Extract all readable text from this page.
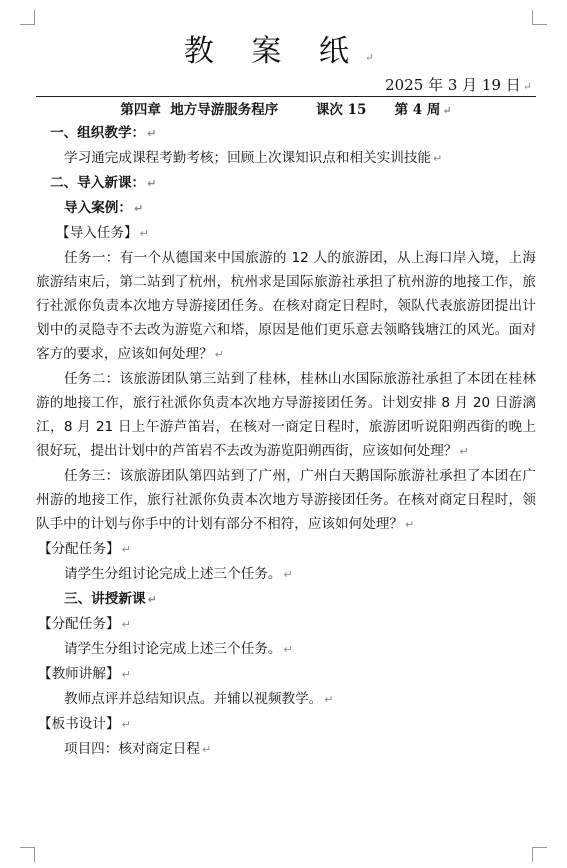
教 案 纸 ↵
2025 年 3 月 19 日 ↵
第四章  地方导游服务程序        课次 15      第 4 周 ↵
一、组织教学： ↵
学习通完成课程考勤考核；回顾上次课知识点和相关实训技能 ↵
二、导入新课： ↵
导入案例： ↵
【导入任务】 ↵
任务一：有一个从德国来中国旅游的 12 人的旅游团，从上海口岸入境，上海旅游结束后，第二站到了杭州，杭州求是国际旅游社承担了杭州游的地接工作，旅行社派你负责本次地方导游接团任务。在核对商定日程时，领队代表旅游团提出计划中的灵隐寺不去改为游览六和塔，原因是他们更乐意去领略钱塘江的风光。面对客方的要求，应该如何处理？ ↵
任务二：该旅游团队第三站到了桂林，桂林山水国际旅游社承担了本团在桂林游的地接工作，旅行社派你负责本次地方导游接团任务。计划安排 8 月 20 日游漓江，8 月 21 日上午游芦笛岩，在核对一商定日程时，旅游团听说阳朔西街的晚上很好玩，提出计划中的芦笛岩不去改为游览阳朔西街，应该如何处理？ ↵
任务三：该旅游团队第四站到了广州，广州白天鹅国际旅游社承担了本团在广州游的地接工作，旅行社派你负责本次地方导游接团任务。在核对商定日程时，领队手中的计划与你手中的计划有部分不相符，应该如何处理？ ↵
【分配任务】 ↵
请学生分组讨论完成上述三个任务。 ↵
三、讲授新课 ↵
【分配任务】 ↵
请学生分组讨论完成上述三个任务。 ↵
【教师讲解】 ↵
教师点评并总结知识点。并辅以视频教学。 ↵
【板书设计】 ↵
项目四：核对商定日程 ↵
